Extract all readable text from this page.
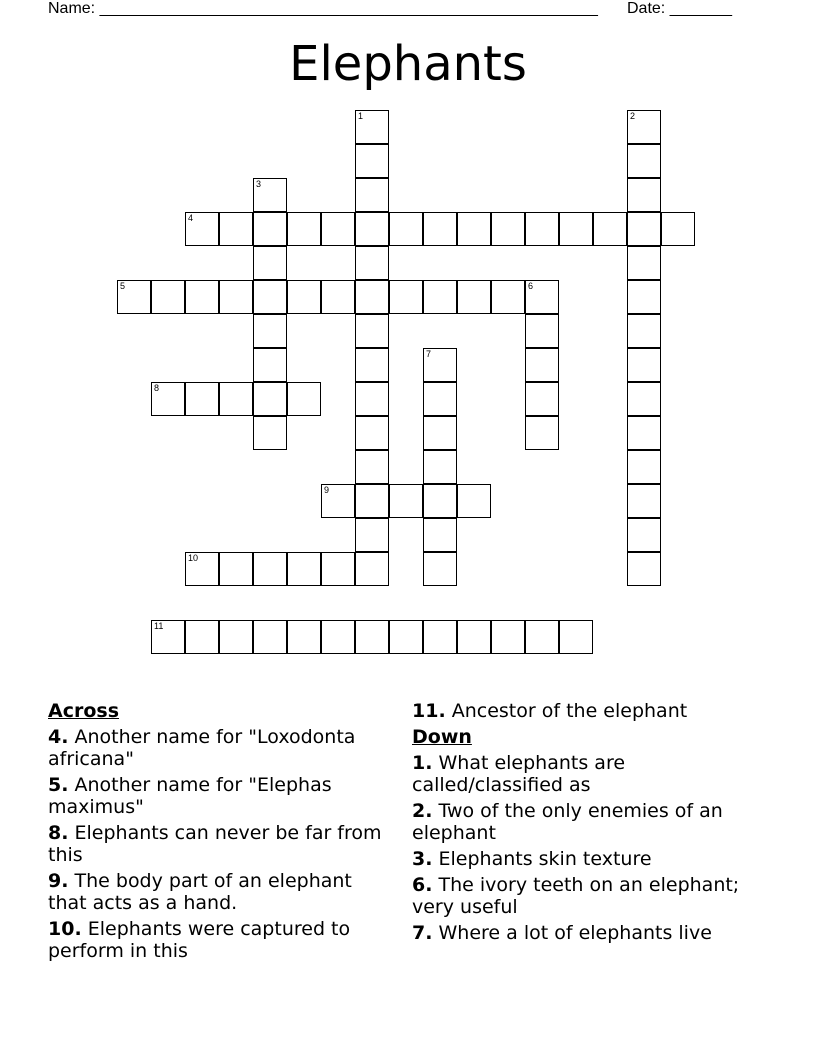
Name: ________________________________________________________ Date: _______
Elephants
1	2
3
4
5	6
7
8
9
10
11
Across
4. Another name for "Loxodonta africana"
5. Another name for "Elephas maximus"
8. Elephants can never be far from this
9. The body part of an elephant that acts as a hand.
10. Elephants were captured to perform in this
11. Ancestor of the elephant
Down
1. What elephants are called/classified as
2. Two of the only enemies of an elephant
3. Elephants skin texture
6. The ivory teeth on an elephant; very useful
7. Where a lot of elephants live
